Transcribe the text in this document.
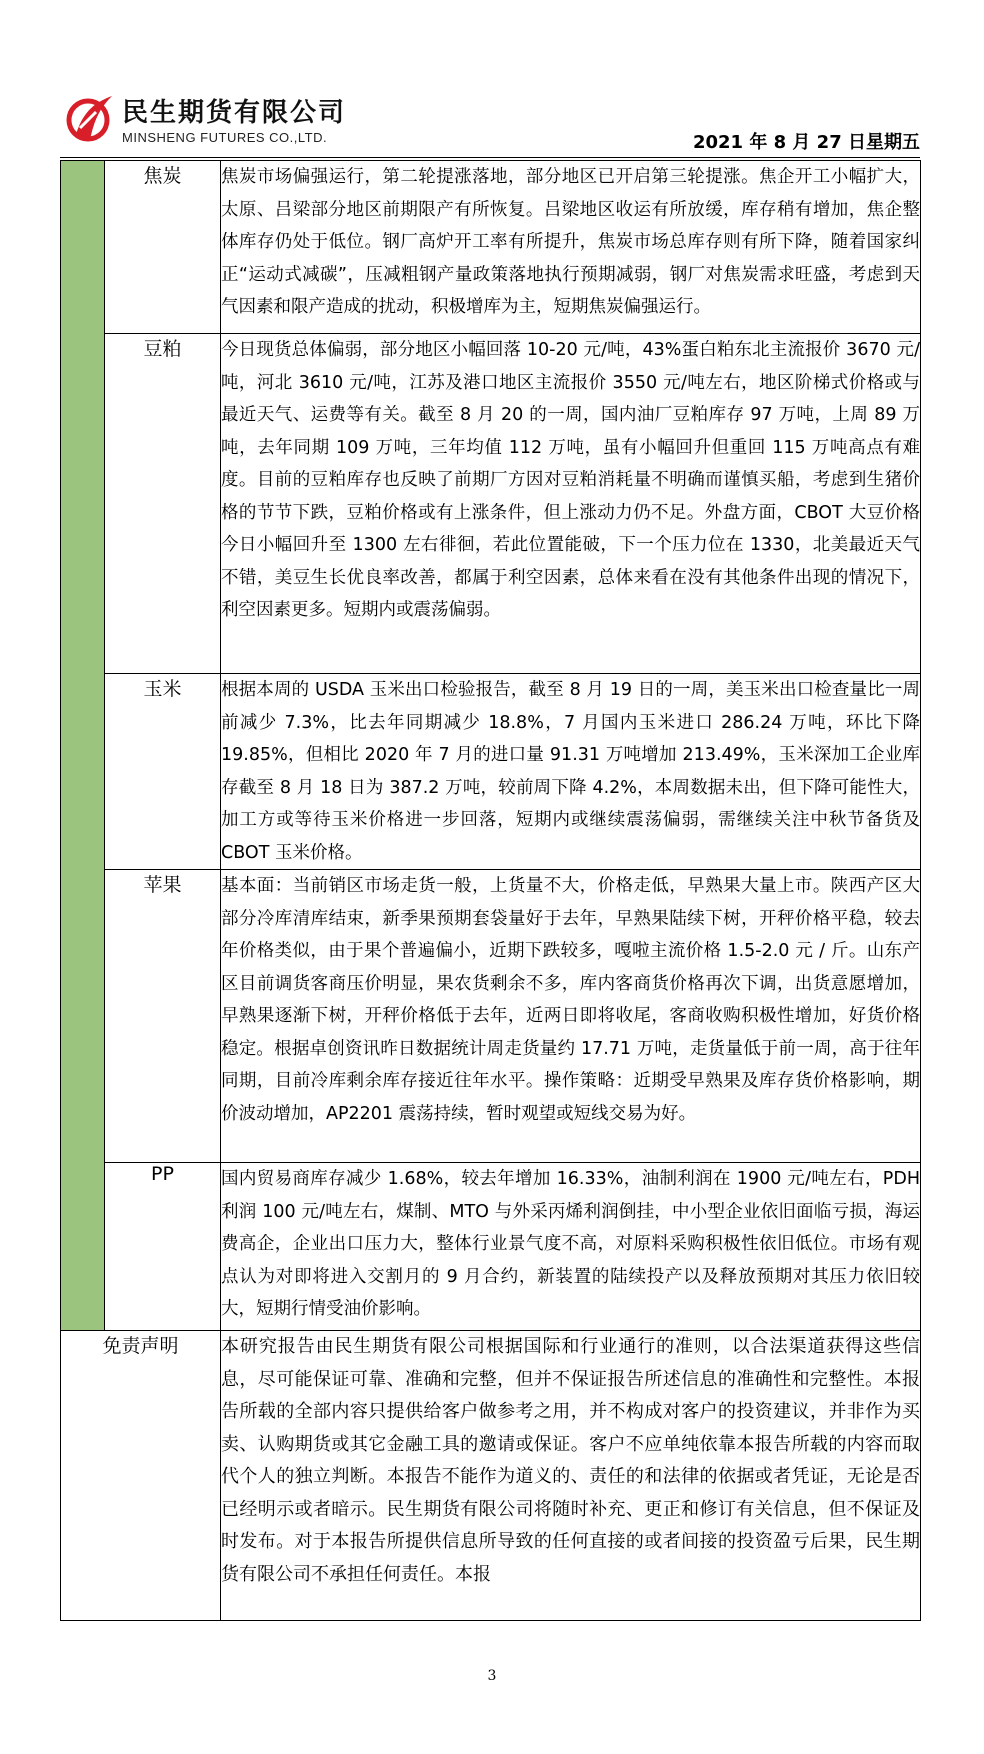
民生期货有限公司
MINSHENG FUTURES CO.,LTD.	2021 年 8 月 27 日星期五
	焦炭	焦炭市场偏强运行，第二轮提涨落地，部分地区已开启第三轮提涨。焦企开工小幅扩大，太原、吕梁部分地区前期限产有所恢复。吕梁地区收运有所放缓，库存稍有增加，焦企整体库存仍处于低位。钢厂高炉开工率有所提升，焦炭市场总库存则有所下降，随着国家纠正“运动式减碳”，压减粗钢产量政策落地执行预期减弱，钢厂对焦炭需求旺盛，考虑到天气因素和限产造成的扰动，积极增库为主，短期焦炭偏强运行。
	豆粕	今日现货总体偏弱，部分地区小幅回落 10-20 元/吨，43%蛋白粕东北主流报价 3670 元/吨，河北 3610 元/吨，江苏及港口地区主流报价 3550 元/吨左右，地区阶梯式价格或与最近天气、运费等有关。截至 8 月 20 的一周，国内油厂豆粕库存 97 万吨，上周 89 万吨，去年同期 109 万吨，三年均值 112 万吨，虽有小幅回升但重回 115 万吨高点有难度。目前的豆粕库存也反映了前期厂方因对豆粕消耗量不明确而谨慎买船，考虑到生猪价格的节节下跌，豆粕价格或有上涨条件，但上涨动力仍不足。外盘方面，CBOT 大豆价格今日小幅回升至 1300 左右徘徊，若此位置能破，下一个压力位在 1330，北美最近天气不错，美豆生长优良率改善，都属于利空因素，总体来看在没有其他条件出现的情况下，利空因素更多。短期内或震荡偏弱。
	玉米	根据本周的 USDA 玉米出口检验报告，截至 8 月 19 日的一周，美玉米出口检查量比一周前减少 7.3%，比去年同期减少 18.8%，7 月国内玉米进口 286.24 万吨，环比下降 19.85%，但相比 2020 年 7 月的进口量 91.31 万吨增加 213.49%，玉米深加工企业库存截至 8 月 18 日为 387.2 万吨，较前周下降 4.2%，本周数据未出，但下降可能性大，加工方或等待玉米价格进一步回落，短期内或继续震荡偏弱，需继续关注中秋节备货及 CBOT 玉米价格。
	苹果	基本面：当前销区市场走货一般，上货量不大，价格走低，早熟果大量上市。陕西产区大部分冷库清库结束，新季果预期套袋量好于去年，早熟果陆续下树，开秤价格平稳，较去年价格类似，由于果个普遍偏小，近期下跌较多，嘎啦主流价格 1.5-2.0 元 / 斤。山东产区目前调货客商压价明显，果农货剩余不多，库内客商货价格再次下调，出货意愿增加，早熟果逐渐下树，开秤价格低于去年，近两日即将收尾，客商收购积极性增加，好货价格稳定。根据卓创资讯昨日数据统计周走货量约 17.71 万吨，走货量低于前一周，高于往年同期，目前冷库剩余库存接近往年水平。操作策略：近期受早熟果及库存货价格影响，期价波动增加，AP2201 震荡持续，暂时观望或短线交易为好。
	PP	国内贸易商库存减少 1.68%，较去年增加 16.33%，油制利润在 1900 元/吨左右，PDH 利润 100 元/吨左右，煤制、MTO 与外采丙烯利润倒挂，中小型企业依旧面临亏损，海运费高企，企业出口压力大，整体行业景气度不高，对原料采购积极性依旧低位。市场有观点认为对即将进入交割月的 9 月合约，新装置的陆续投产以及释放预期对其压力依旧较大，短期行情受油价影响。
免责声明		本研究报告由民生期货有限公司根据国际和行业通行的准则，以合法渠道获得这些信息，尽可能保证可靠、准确和完整，但并不保证报告所述信息的准确性和完整性。本报告所载的全部内容只提供给客户做参考之用，并不构成对客户的投资建议，并非作为买卖、认购期货或其它金融工具的邀请或保证。客户不应单纯依靠本报告所载的内容而取代个人的独立判断。本报告不能作为道义的、责任的和法律的依据或者凭证，无论是否已经明示或者暗示。民生期货有限公司将随时补充、更正和修订有关信息，但不保证及时发布。对于本报告所提供信息所导致的任何直接的或者间接的投资盈亏后果，民生期货有限公司不承担任何责任。本报
3
